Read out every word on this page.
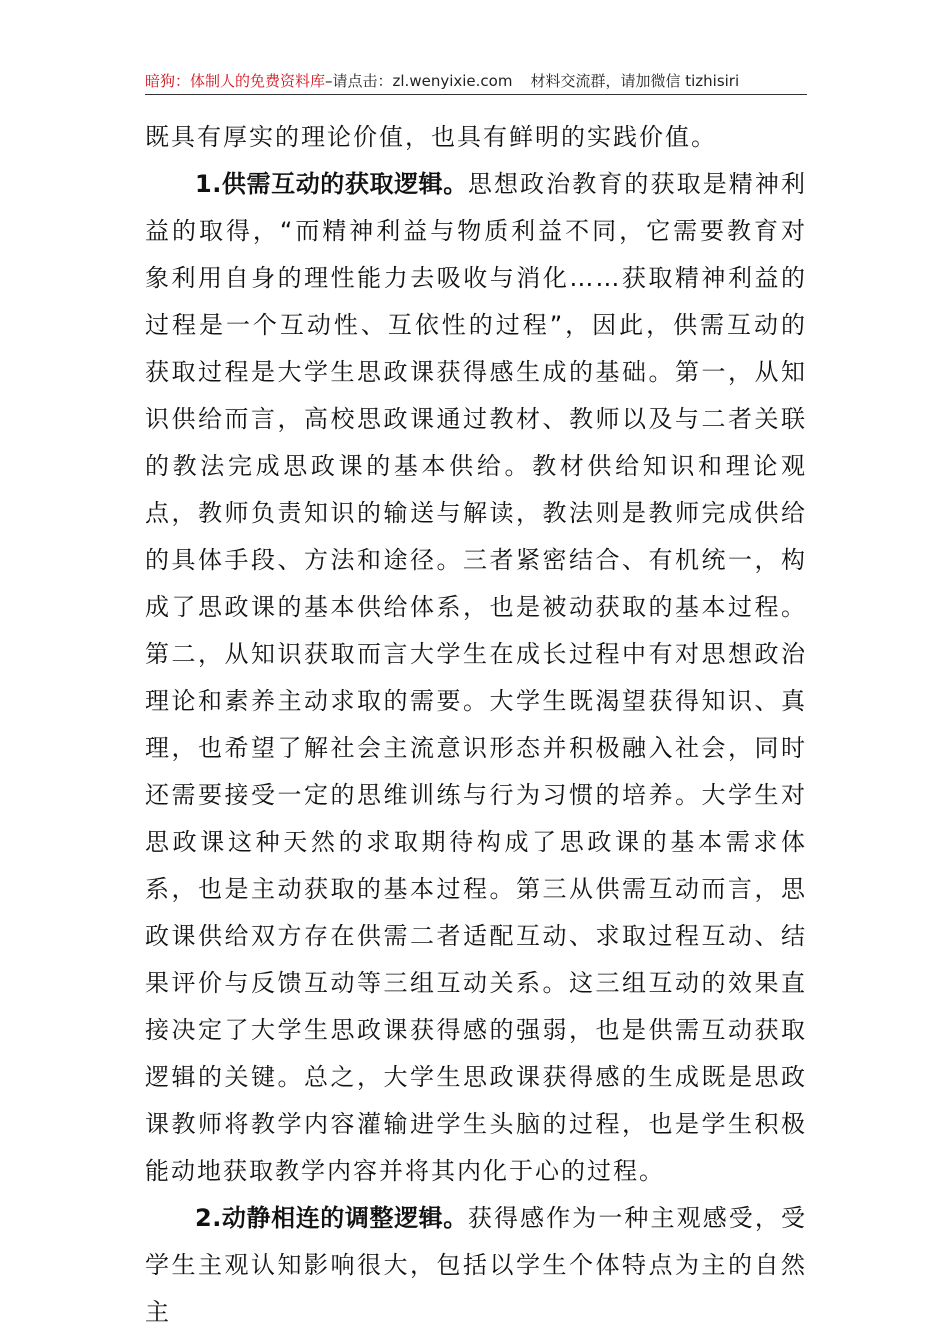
暗狗：体制人的免费资料库–请点击：zl.wenyixie.com 材料交流群，请加微信 tizhisiri

既具有厚实的理论价值，也具有鲜明的实践价值。

1.供需互动的获取逻辑。思想政治教育的获取是精神利益的取得，“而精神利益与物质利益不同，它需要教育对象利用自身的理性能力去吸收与消化……获取精神利益的过程是一个互动性、互依性的过程”，因此，供需互动的获取过程是大学生思政课获得感生成的基础。第一，从知识供给而言，高校思政课通过教材、教师以及与二者关联的教法完成思政课的基本供给。教材供给知识和理论观点，教师负责知识的输送与解读，教法则是教师完成供给的具体手段、方法和途径。三者紧密结合、有机统一，构成了思政课的基本供给体系，也是被动获取的基本过程。第二，从知识获取而言大学生在成长过程中有对思想政治理论和素养主动求取的需要。大学生既渴望获得知识、真理，也希望了解社会主流意识形态并积极融入社会，同时还需要接受一定的思维训练与行为习惯的培养。大学生对思政课这种天然的求取期待构成了思政课的基本需求体系，也是主动获取的基本过程。第三从供需互动而言，思政课供给双方存在供需二者适配互动、求取过程互动、结果评价与反馈互动等三组互动关系。这三组互动的效果直接决定了大学生思政课获得感的强弱，也是供需互动获取逻辑的关键。总之，大学生思政课获得感的生成既是思政课教师将教学内容灌输进学生头脑的过程，也是学生积极能动地获取教学内容并将其内化于心的过程。

2.动静相连的调整逻辑。获得感作为一种主观感受，受学生主观认知影响很大，包括以学生个体特点为主的自然主
